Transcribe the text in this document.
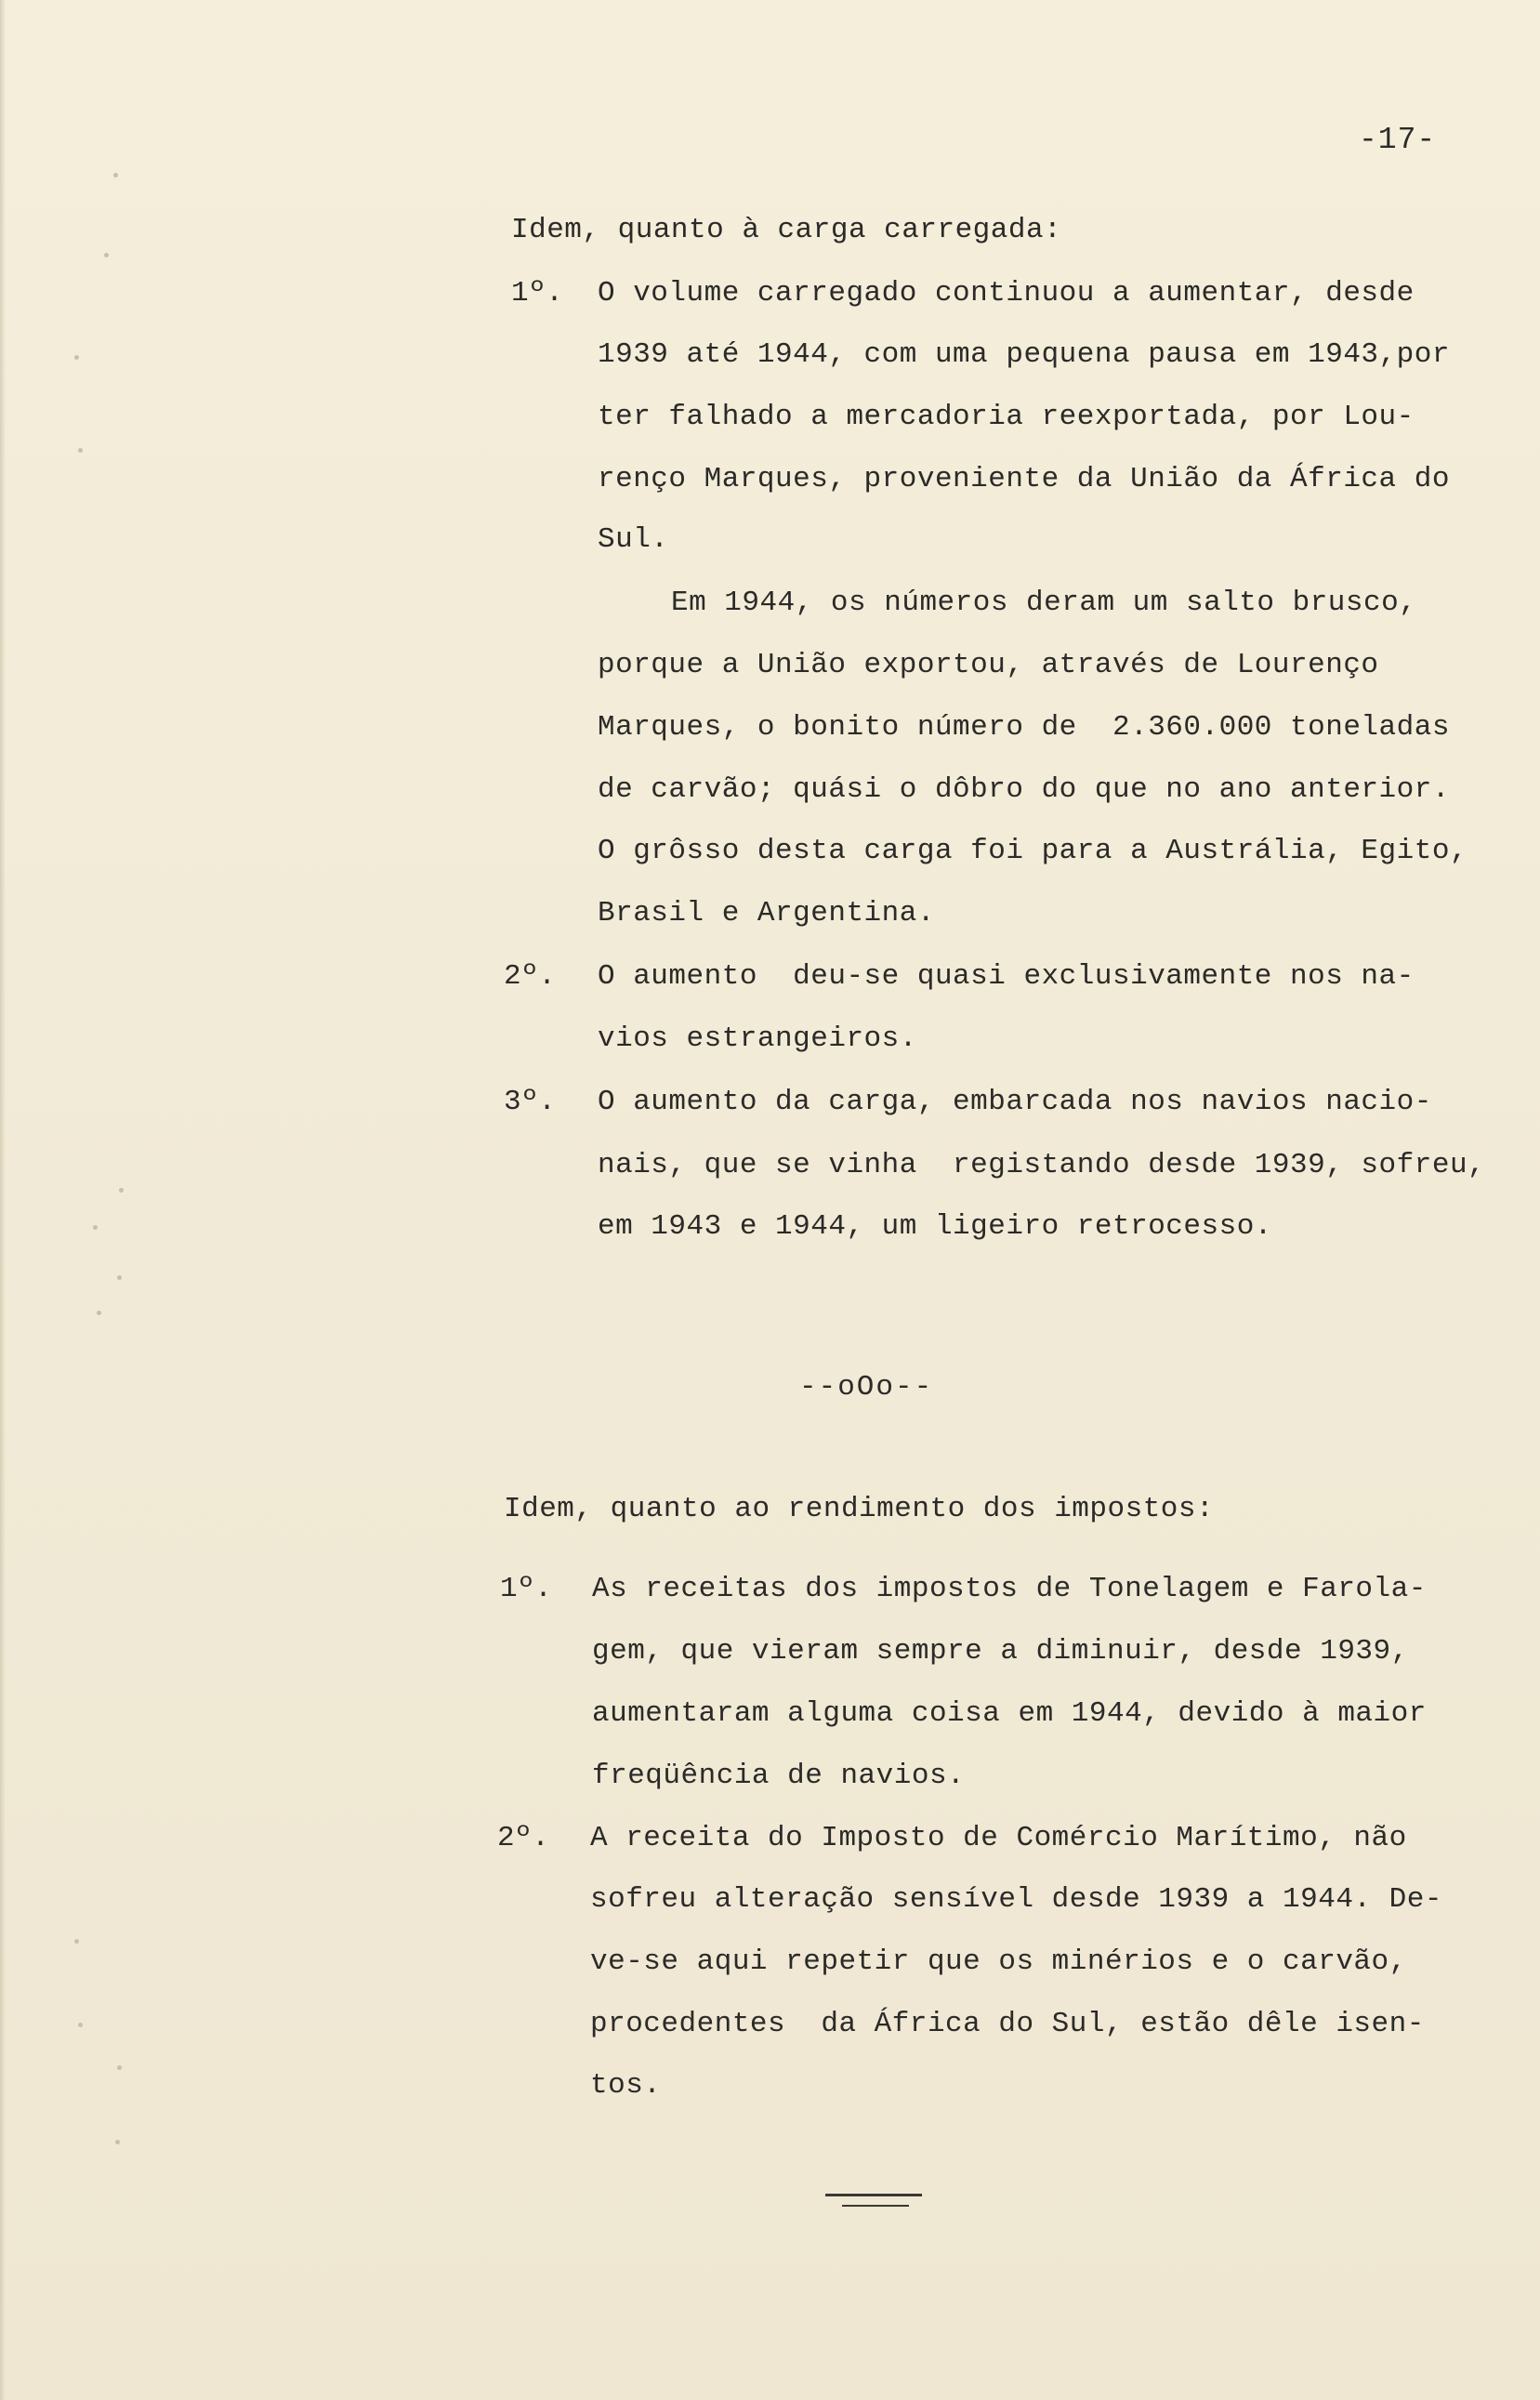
-17-

Idem, quanto à carga carregada:

1º. O volume carregado continuou a aumentar, desde

1939 até 1944, com uma pequena pausa em 1943,por

ter falhado a mercadoria reexportada, por Lou-

renço Marques, proveniente da União da África do

Sul.

Em 1944, os números deram um salto brusco,

porque a União exportou, através de Lourenço

Marques, o bonito número de  2.360.000 toneladas

de carvão; quási o dôbro do que no ano anterior.

O grôsso desta carga foi para a Austrália, Egito,

Brasil e Argentina.

2º. O aumento  deu-se quasi exclusivamente nos na-

vios estrangeiros.

3º. O aumento da carga, embarcada nos navios nacio-

nais, que se vinha  registando desde 1939, sofreu,

em 1943 e 1944, um ligeiro retrocesso.

--oOo--

Idem, quanto ao rendimento dos impostos:

1º. As receitas dos impostos de Tonelagem e Farola-

gem, que vieram sempre a diminuir, desde 1939,

aumentaram alguma coisa em 1944, devido à maior

freqüência de navios.

2º. A receita do Imposto de Comércio Marítimo, não

sofreu alteração sensível desde 1939 a 1944. De-

ve-se aqui repetir que os minérios e o carvão,

procedentes  da África do Sul, estão dêle isen-

tos.
